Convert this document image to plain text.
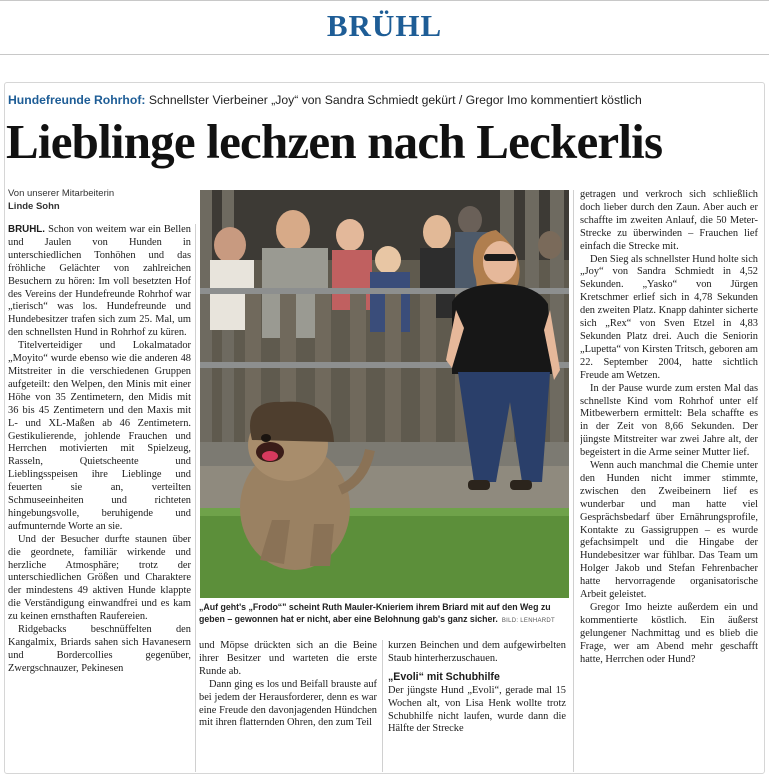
BRÜHL
Hundefreunde Rohrhof: Schnellster Vierbeiner „Joy“ von Sandra Schmiedt gekürt / Gregor Imo kommentiert köstlich
Lieblinge lechzen nach Leckerlis
Von unserer Mitarbeiterin
Linde Sohn

BRÜHL. Schon von weitem war ein Bellen und Jaulen von Hunden in unterschiedlichen Tonhöhen und das fröhliche Gelächter von zahlreichen Besuchern zu hören: Im voll besetzten Hof des Vereins der Hundefreunde Rohrhof war „tierisch“ was los. Hundefreunde und Hundebesitzer trafen sich zum 25. Mal, um den schnellsten Hund in Rohrhof zu küren.

Titelverteidiger und Lokalmatador „Moyito“ wurde ebenso wie die anderen 48 Mitstreiter in die verschiedenen Gruppen aufgeteilt: den Welpen, den Minis mit einer Höhe von 35 Zentimetern, den Midis mit 36 bis 45 Zentimetern und den Maxis mit L- und XL-Maßen ab 46 Zentimetern. Gestikulierende, johlende Frauchen und Herrchen motivierten mit Spielzeug, Rasseln, Quietscheente und Lieblingsspeisen ihre Lieblinge und feuerten sie an, verteilten Schmuseeinheiten und richteten hingebungsvolle, beruhigende und aufmunternde Worte an sie.

Und der Besucher durfte staunen über die geordnete, familiär wirkende und herzliche Atmosphäre; trotz der unterschiedlichen Größen und Charaktere der mindestens 49 aktiven Hunde klappte die Verständigung einwandfrei und es kam zu keinen ernsthaften Raufereien.

Ridgebacks beschnüffelten den Kangalmix, Briards sahen sich Havanesern und Bordercollies gegenüber, Zwergschnauzer, Pekinesen

„Auf geht's „Frodo“" scheint Ruth Mauler-Knieriem ihrem Briard mit auf den Weg zu geben – gewonnen hat er nicht, aber eine Belohnung gab's ganz sicher. BILD: LENHARDT

und Möpse drückten sich an die Beine ihrer Besitzer und warteten die erste Runde ab.

Dann ging es los und Beifall brauste auf bei jedem der Herausforderer, denn es war eine Freude den davonjagenden Hündchen mit ihren flatternden Ohren, den zum Teil

kurzen Beinchen und dem aufgewirbelten Staub hinterherzuschauen.

„Evoli“ mit Schubhilfe

Der jüngste Hund „Evoli“, gerade mal 15 Wochen alt, von Lisa Henk wollte trotz Schubhilfe nicht laufen, wurde dann die Hälfte der Strecke

getragen und verkroch sich schließlich doch lieber durch den Zaun. Aber auch er schaffte im zweiten Anlauf, die 50 Meter-Strecke zu überwinden – Frauchen lief einfach die Strecke mit.

Den Sieg als schnellster Hund holte sich „Joy“ von Sandra Schmiedt in 4,52 Sekunden. „Yasko“ von Jürgen Kretschmer erlief sich in 4,78 Sekunden den zweiten Platz. Knapp dahinter sicherte sich „Rex“ von Sven Etzel in 4,83 Sekunden Platz drei. Auch die Seniorin „Lupetta“ von Kirsten Tritsch, geboren am 22. September 2004, hatte sichtlich Freude am Wetzen.

In der Pause wurde zum ersten Mal das schnellste Kind vom Rohrhof unter elf Mitbewerbern ermittelt: Bela schaffte es in der Zeit von 8,66 Sekunden. Der jüngste Mitstreiter war zwei Jahre alt, der begeistert in die Arme seiner Mutter lief.

Wenn auch manchmal die Chemie unter den Hunden nicht immer stimmte, zwischen den Zweibeinern lief es wunderbar und man hatte viel Gesprächsbedarf über Ernährungsprofile, Kontakte zu Gassigruppen – es wurde gefachsimpelt und die Hingabe der Hundebesitzer war fühlbar. Das Team um Holger Jakob und Stefan Fehrenbacher hatte hervorragende organisatorische Arbeit geleistet.

Gregor Imo heizte außerdem ein und kommentierte köstlich. Ein äußerst gelungener Nachmittag und es blieb die Frage, wer am Abend mehr geschafft hatte, Herrchen oder Hund?
